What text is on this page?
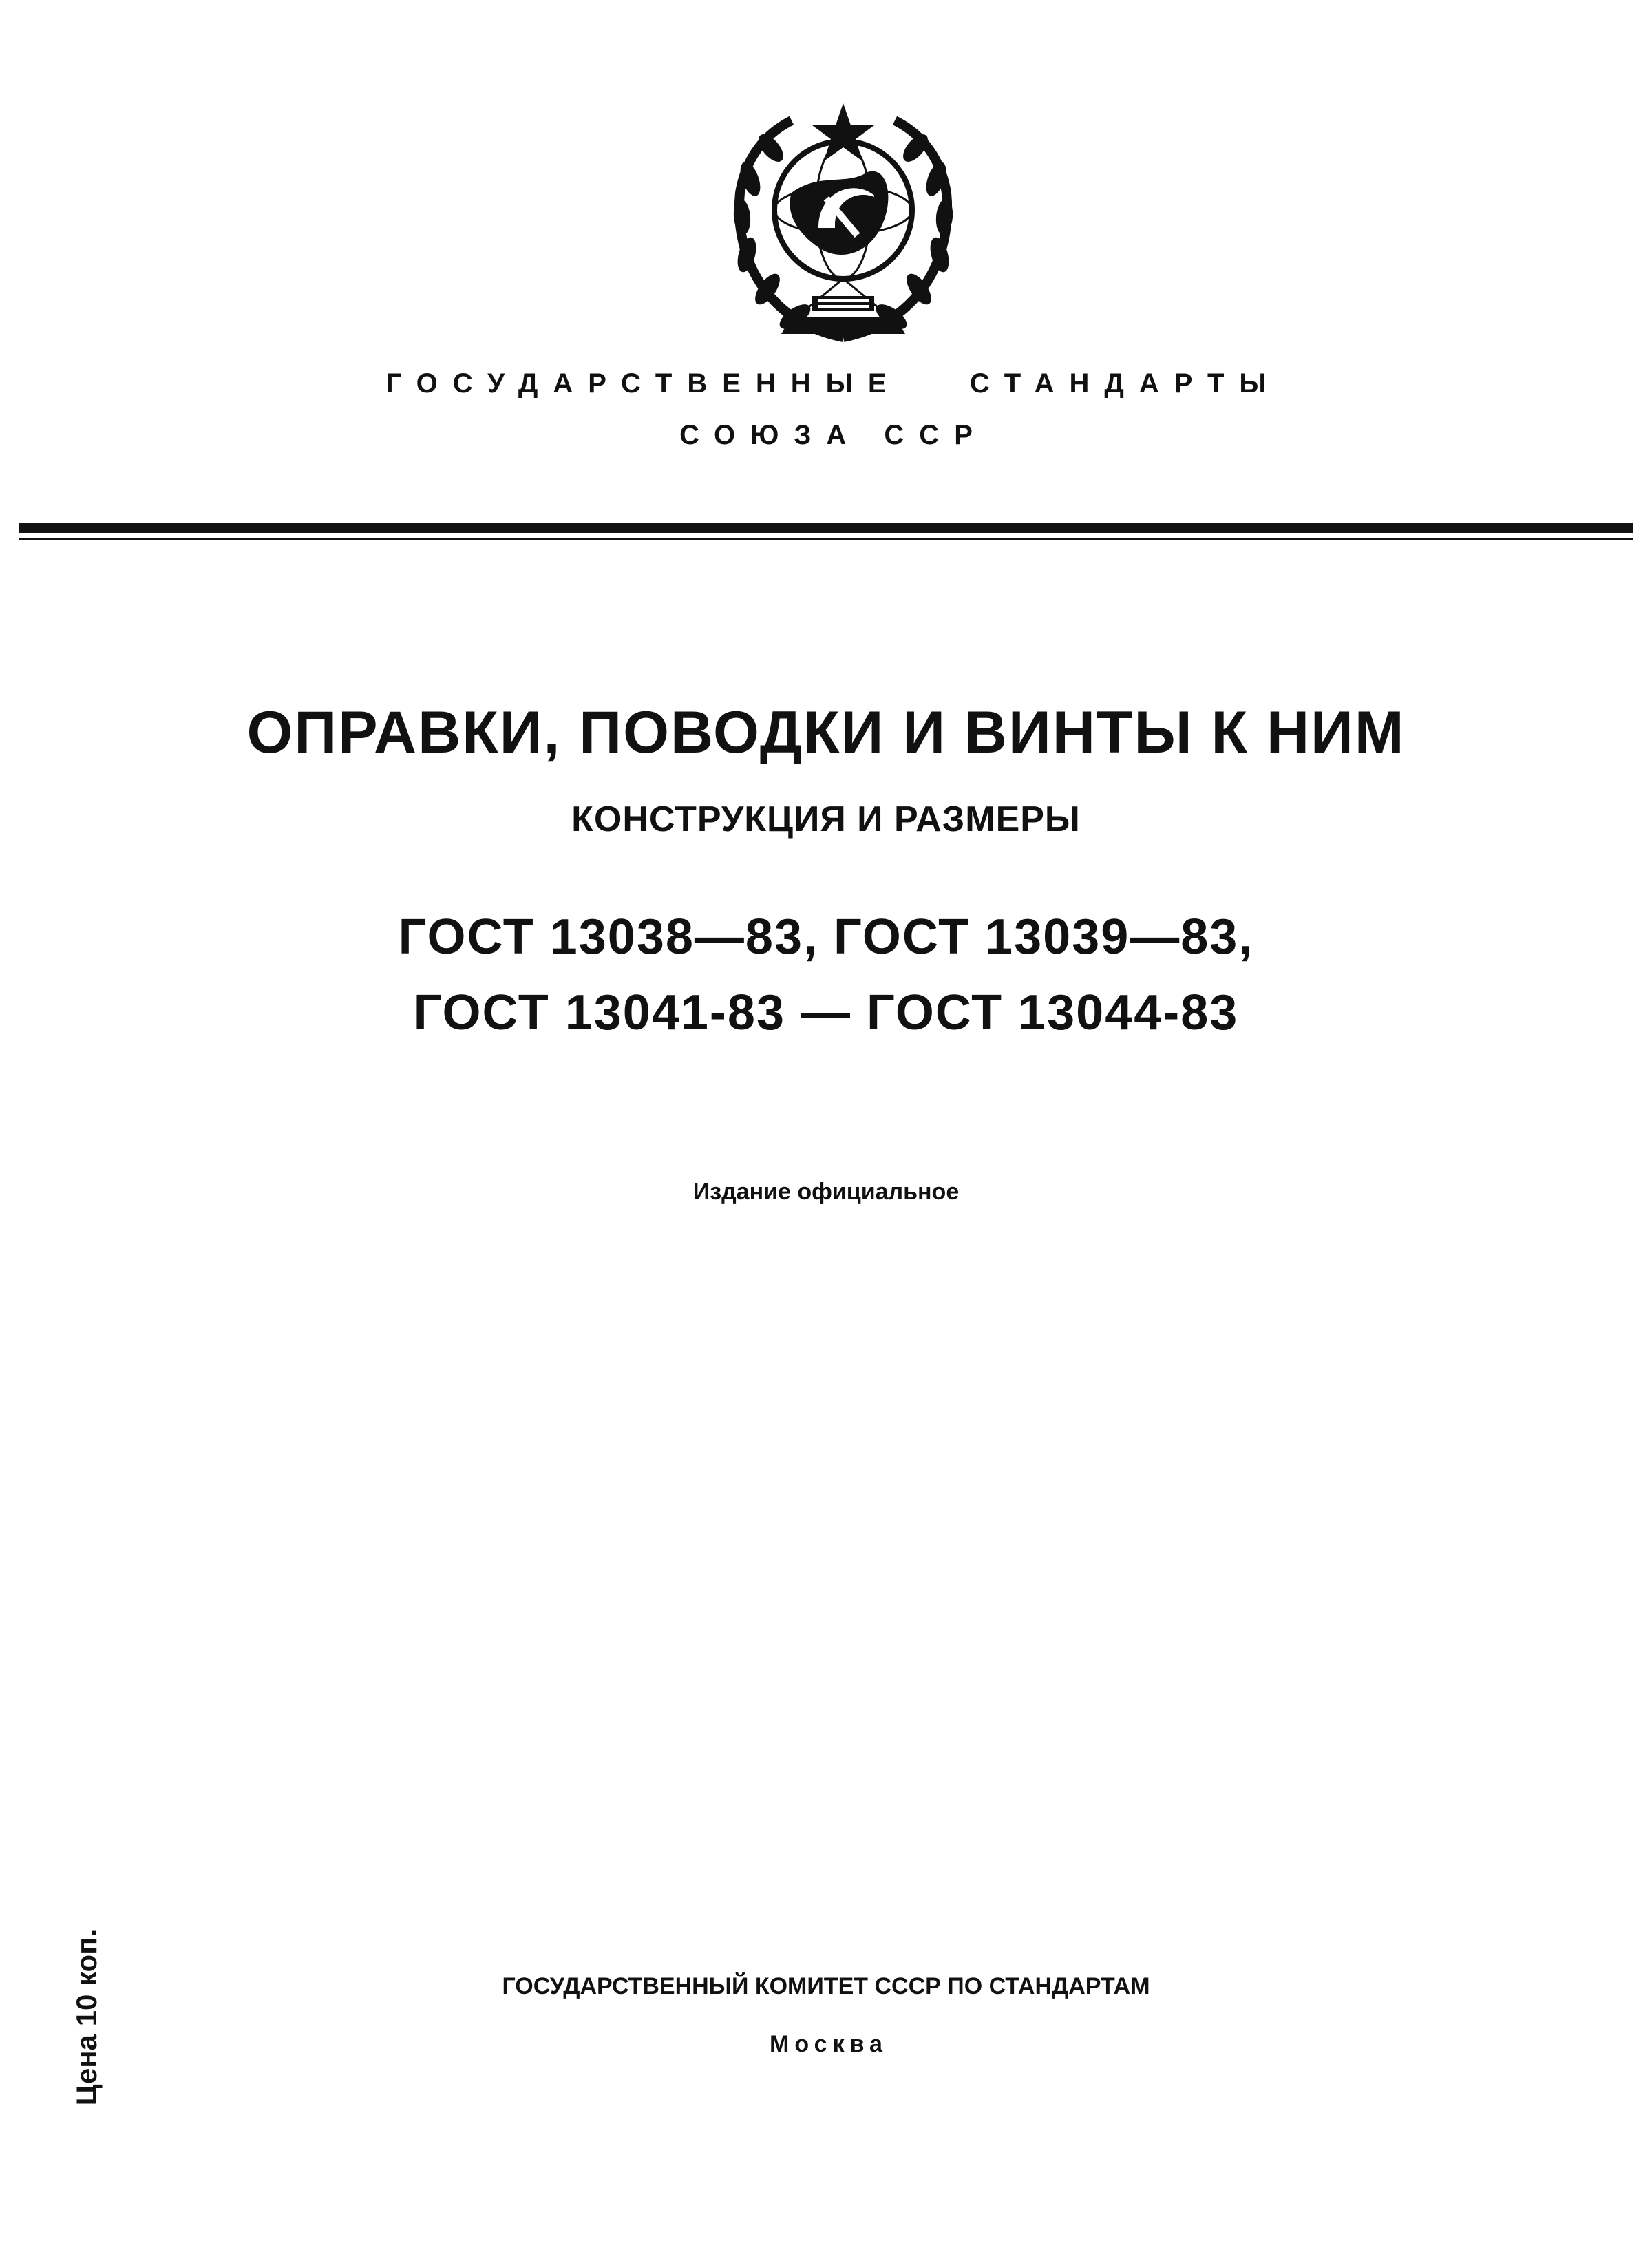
ГОСУДАРСТВЕННЫЕ   СТАНДАРТЫ
СОЮЗА ССР
ОПРАВКИ, ПОВОДКИ И ВИНТЫ К НИМ
КОНСТРУКЦИЯ И РАЗМЕРЫ
ГОСТ 13038—83, ГОСТ 13039—83,
ГОСТ 13041-83 — ГОСТ 13044-83
Издание официальное
Цена 10 коп.	ГОСУДАРСТВЕННЫЙ КОМИТЕТ СССР ПО СТАНДАРТАМ
Москва
